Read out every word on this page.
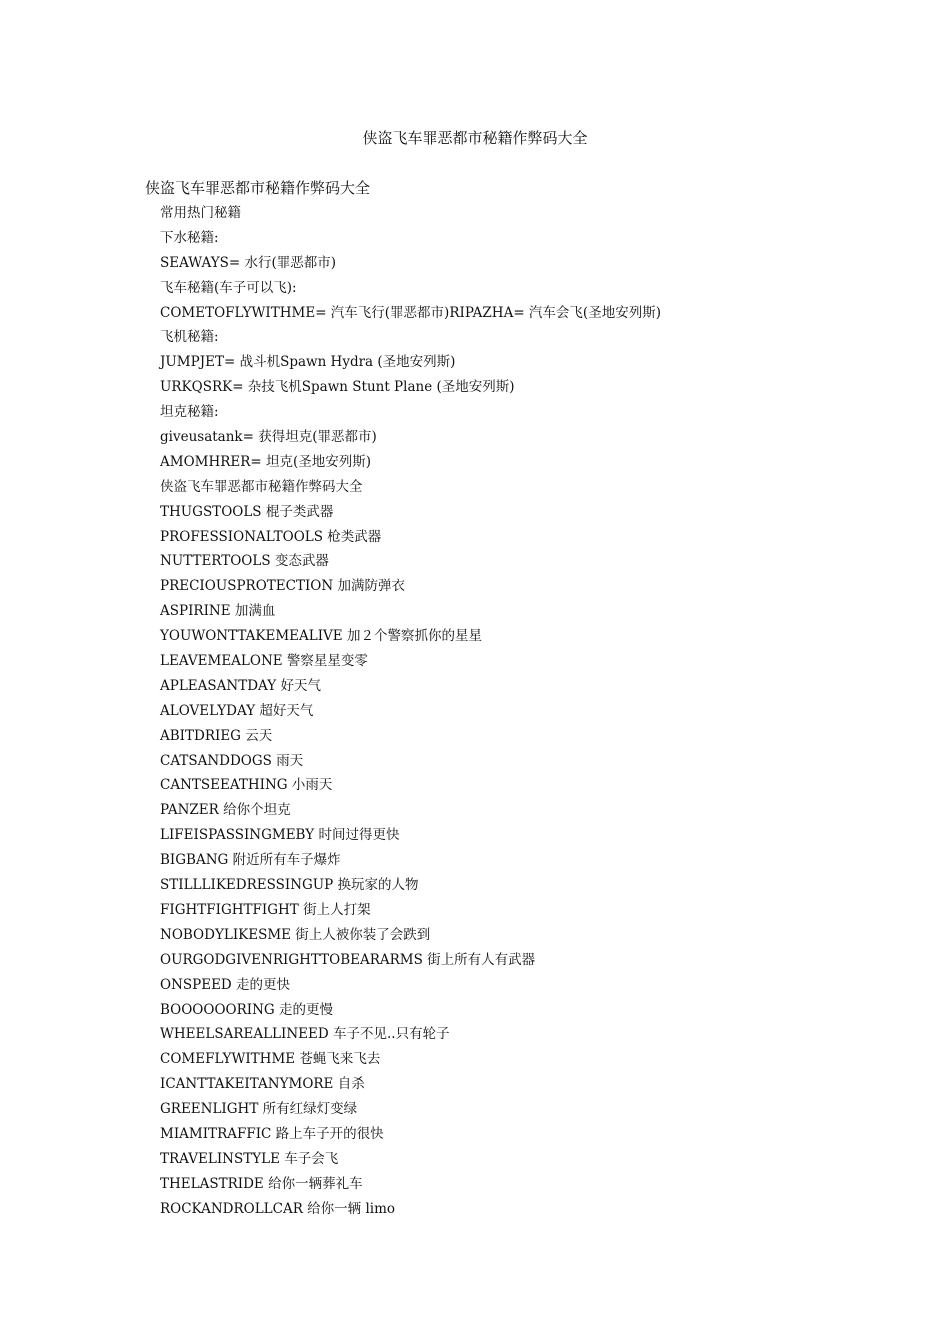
侠盗飞车罪恶都市秘籍作弊码大全
侠盗飞车罪恶都市秘籍作弊码大全
常用热门秘籍
下水秘籍:
SEAWAYS= 水行(罪恶都市)
飞车秘籍(车子可以飞):
COMETOFLYWITHME= 汽车飞行(罪恶都市)RIPAZHA= 汽车会飞(圣地安列斯)
飞机秘籍:
JUMPJET= 战斗机Spawn Hydra (圣地安列斯)
URKQSRK= 杂技飞机Spawn Stunt Plane (圣地安列斯)
坦克秘籍:
giveusatank= 获得坦克(罪恶都市)
AMOMHRER= 坦克(圣地安列斯)
侠盗飞车罪恶都市秘籍作弊码大全
THUGSTOOLS 棍子类武器
PROFESSIONALTOOLS 枪类武器
NUTTERTOOLS 变态武器
PRECIOUSPROTECTION 加满防弹衣
ASPIRINE 加满血
YOUWONTTAKEMEALIVE 加２个警察抓你的星星
LEAVEMEALONE 警察星星变零
APLEASANTDAY 好天气
ALOVELYDAY 超好天气
ABITDRIEG 云天
CATSANDDOGS 雨天
CANTSEEATHING 小雨天
PANZER 给你个坦克
LIFEISPASSINGMEBY 时间过得更快
BIGBANG 附近所有车子爆炸
STILLLIKEDRESSINGUP 换玩家的人物
FIGHTFIGHTFIGHT 街上人打架
NOBODYLIKESME 街上人被你装了会跌到
OURGODGIVENRIGHTTOBEARARMS 街上所有人有武器
ONSPEED 走的更快
BOOOOOORING 走的更慢
WHEELSAREALLINEED 车子不见..只有轮子
COMEFLYWITHME 苍蝇飞来飞去
ICANTTAKEITANYMORE 自杀
GREENLIGHT 所有红绿灯变绿
MIAMITRAFFIC 路上车子开的很快
TRAVELINSTYLE 车子会飞
THELASTRIDE 给你一辆葬礼车
ROCKANDROLLCAR 给你一辆 limo
